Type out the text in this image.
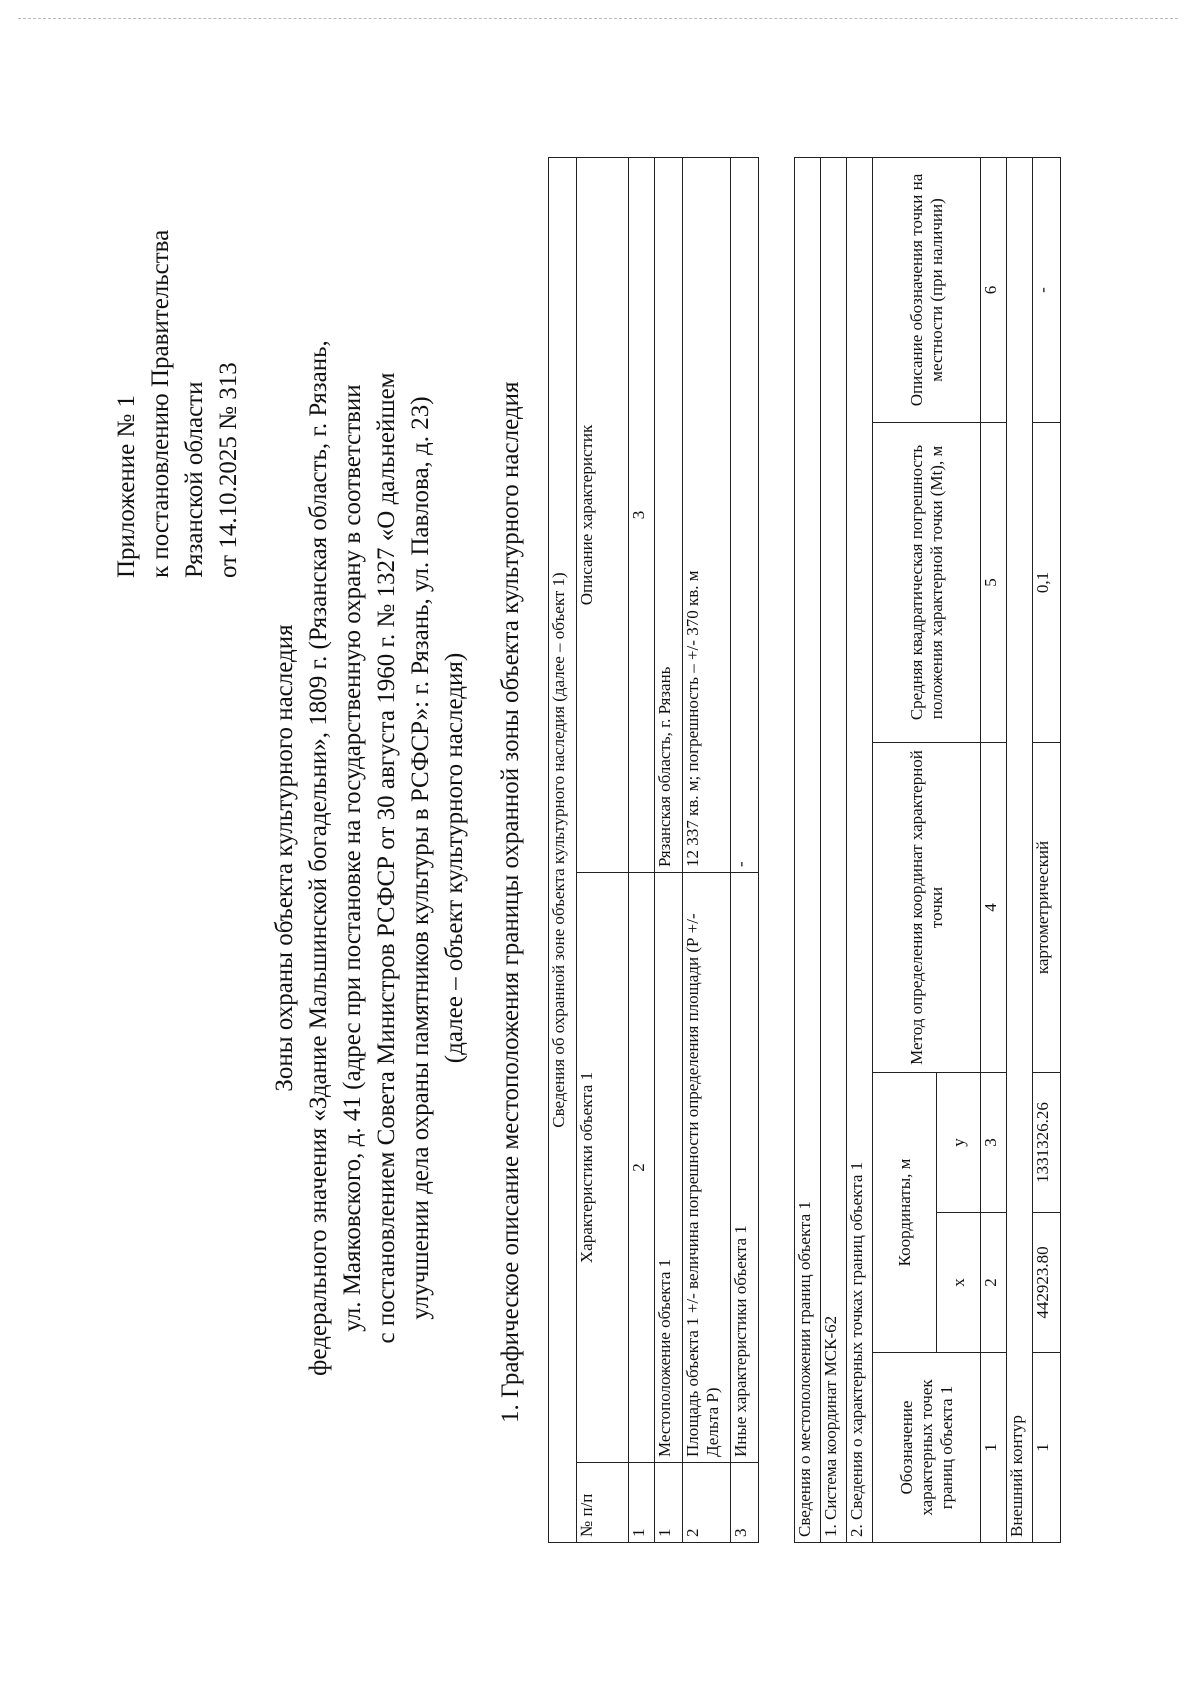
Приложение № 1 к постановлению Правительства Рязанской области от 14.10.2025 № 313
Зоны охраны объекта культурного наследия федерального значения «Здание Мальшинской богадельни», 1809 г. (Рязанская область, г. Рязань, ул. Маяковского, д. 41 (адрес при постановке на государственную охрану в соответствии с постановлением Совета Министров РСФСР от 30 августа 1960 г. № 1327 «О дальнейшем улучшении дела охраны памятников культуры в РСФСР»: г. Рязань, ул. Павлова, д. 23) (далее – объект культурного наследия) 1. Графическое описание местоположения границы охранной зоны объекта культурного наследия Сведения об охранной зоне объекта культурного наследия (далее – объект 1)		
№ п/п	Характеристики объекта 1	Описание характеристик
1	2	3
1	Местоположение объекта 1	Рязанская область, г. Рязань
2	Площадь объекта 1 +/- величина погрешности определения площади (Р +/- Дельта Р)	12 337 кв. м; погрешность – +/- 370 кв. м
3	Иные характеристики объекта 1	-
Сведения о местоположении границ объекта 1					
1. Система координат МСК-62					
2. Сведения о характерных точках границ объекта 1					
Обозначение характерных точек границ объекта 1	Координаты, м		Метод определения координат характерной точки	Средняя квадратическая погрешность положения характерной точки (Mt), м	Описание обозначения точки на местности (при наличии)
	x	y			
1	2	3	4	5	6
Внешний контур					
1	442923.80	1331326.26	картометрический	0,1	-
